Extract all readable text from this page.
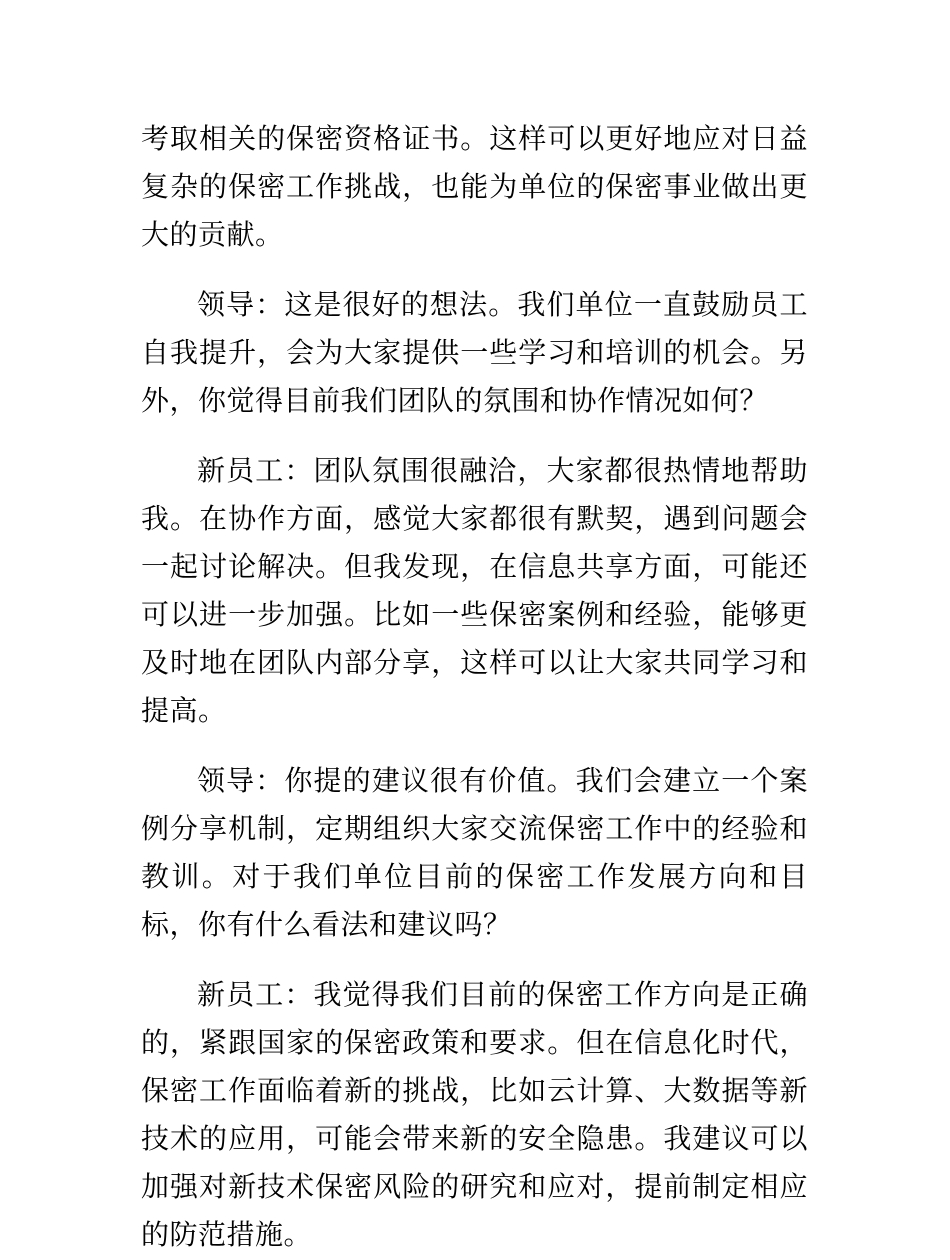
考取相关的保密资格证书。这样可以更好地应对日益复杂的保密工作挑战，也能为单位的保密事业做出更大的贡献。

领导：这是很好的想法。我们单位一直鼓励员工自我提升，会为大家提供一些学习和培训的机会。另外，你觉得目前我们团队的氛围和协作情况如何？

新员工：团队氛围很融洽，大家都很热情地帮助我。在协作方面，感觉大家都很有默契，遇到问题会一起讨论解决。但我发现，在信息共享方面，可能还可以进一步加强。比如一些保密案例和经验，能够更及时地在团队内部分享，这样可以让大家共同学习和提高。

领导：你提的建议很有价值。我们会建立一个案例分享机制，定期组织大家交流保密工作中的经验和教训。对于我们单位目前的保密工作发展方向和目标，你有什么看法和建议吗？

新员工：我觉得我们目前的保密工作方向是正确的，紧跟国家的保密政策和要求。但在信息化时代，保密工作面临着新的挑战，比如云计算、大数据等新技术的应用，可能会带来新的安全隐患。我建议可以加强对新技术保密风险的研究和应对，提前制定相应的防范措施。
